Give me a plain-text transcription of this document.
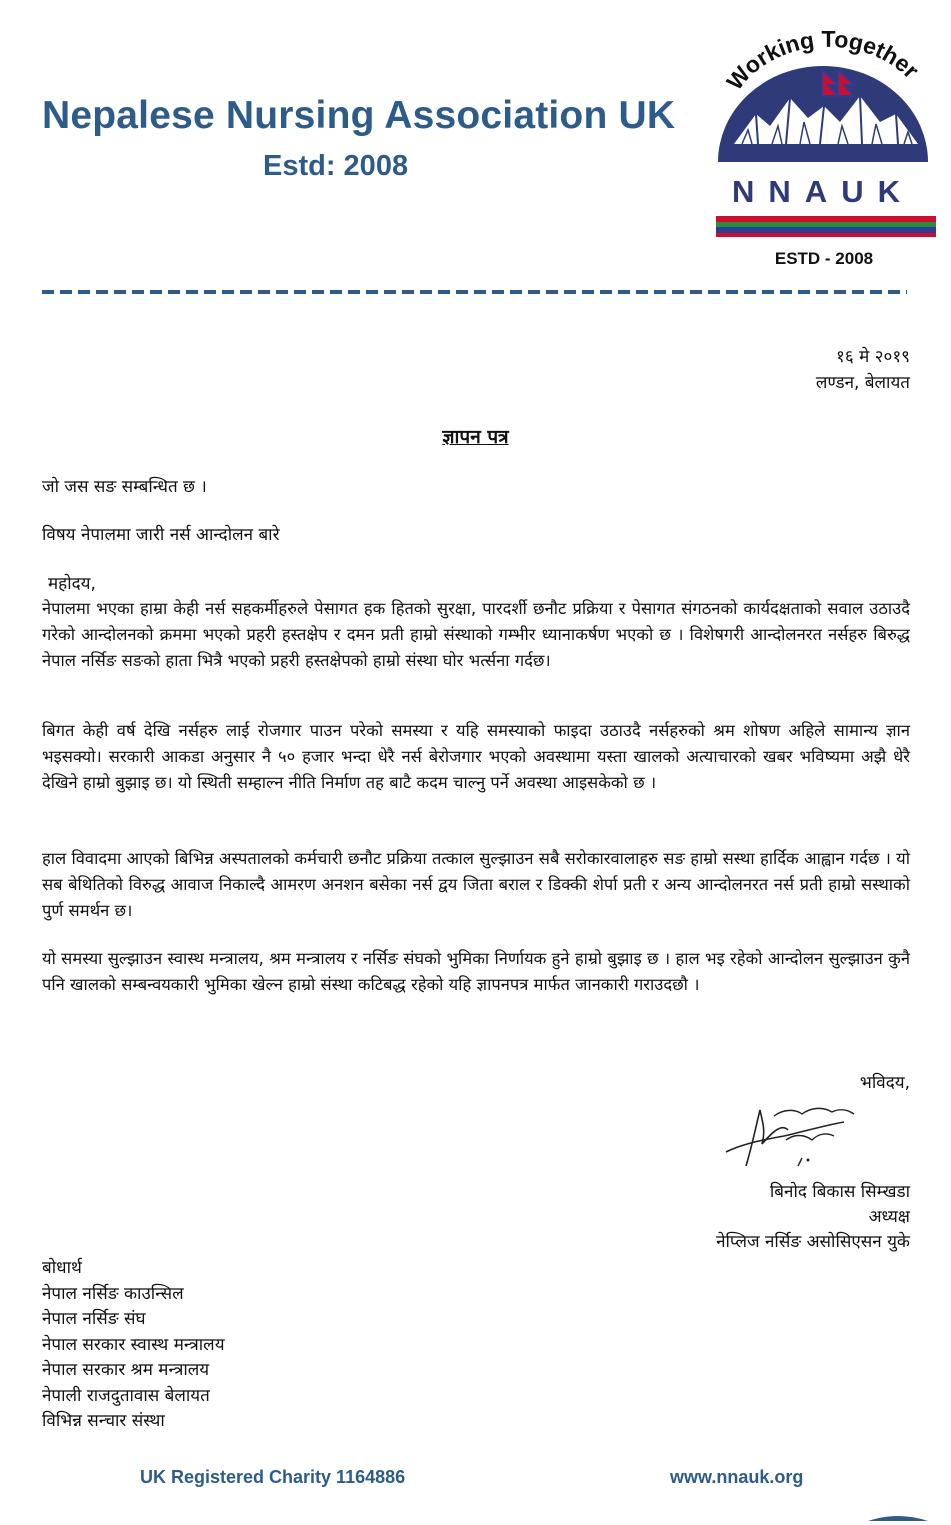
Nepalese Nursing Association UK
Estd: 2008
Working Together
NNAUK
ESTD - 2008
१६ मे २०१९
लण्डन, बेलायत
ज्ञापन पत्र
जो जस सङ सम्बन्धित छ ।
विषय नेपालमा जारी नर्स आन्दोलन बारे
महोदय,

नेपालमा भएका हाम्रा केही नर्स सहकर्मीहरुले पेसागत हक हितको सुरक्षा, पारदर्शी छनौट प्रक्रिया र पेसागत संगठनको कार्यदक्षताको सवाल उठाउदै गरेको आन्दोलनको क्रममा भएको प्रहरी हस्तक्षेप र दमन प्रती हाम्रो संस्थाको गम्भीर ध्यानाकर्षण भएको छ । विशेषगरी आन्दोलनरत नर्सहरु बिरुद्ध नेपाल नर्सिङ सङको हाता भित्रै भएको प्रहरी हस्तक्षेपको हाम्रो संस्था घोर भर्त्सना गर्दछ।

बिगत केही वर्ष देखि नर्सहरु लाई रोजगार पाउन परेको समस्या र यहि समस्याको फाइदा उठाउदै नर्सहरुको श्रम शोषण अहिले सामान्य ज्ञान भइसक्यो। सरकारी आकडा अनुसार नै ५० हजार भन्दा धेरै नर्स बेरोजगार भएको अवस्थामा यस्ता खालको अत्याचारको खबर भविष्यमा अझै धेरै देखिने हाम्रो बुझाइ छ। यो स्थिती सम्हाल्न नीति निर्माण तह बाटै कदम चाल्नु पर्ने अवस्था आइसकेको छ ।

हाल विवादमा आएको बिभिन्न अस्पतालको कर्मचारी छनौट प्रक्रिया तत्काल सुल्झाउन सबै सरोकारवालाहरु सङ हाम्रो सस्था हार्दिक आह्वान गर्दछ । यो सब बेथितिको विरुद्ध आवाज निकाल्दै आमरण अनशन बसेका नर्स द्वय जिता बराल र डिक्की शेर्पा प्रती र अन्य आन्दोलनरत नर्स प्रती हाम्रो सस्थाको पुर्ण समर्थन छ।

यो समस्या सुल्झाउन स्वास्थ मन्त्रालय, श्रम मन्त्रालय र नर्सिङ संघको भुमिका निर्णायक हुने हाम्रो बुझाइ छ । हाल भइ रहेको आन्दोलन सुल्झाउन कुनै पनि खालको सम्बन्वयकारी भुमिका खेल्न हाम्रो संस्था कटिबद्ध रहेको यहि ज्ञापनपत्र मार्फत जानकारी गराउदछौ ।

भविदय,
बिनोद बिकास सिम्खडा
अध्यक्ष
नेप्लिज नर्सिङ असोसिएसन युके
बोधार्थ
नेपाल नर्सिङ काउन्सिल
नेपाल नर्सिङ संघ
नेपाल सरकार स्वास्थ मन्त्रालय
नेपाल सरकार श्रम मन्त्रालय
नेपाली राजदुतावास बेलायत
विभिन्न सन्चार संस्था
UK Registered Charity 1164886	www.nnauk.org
